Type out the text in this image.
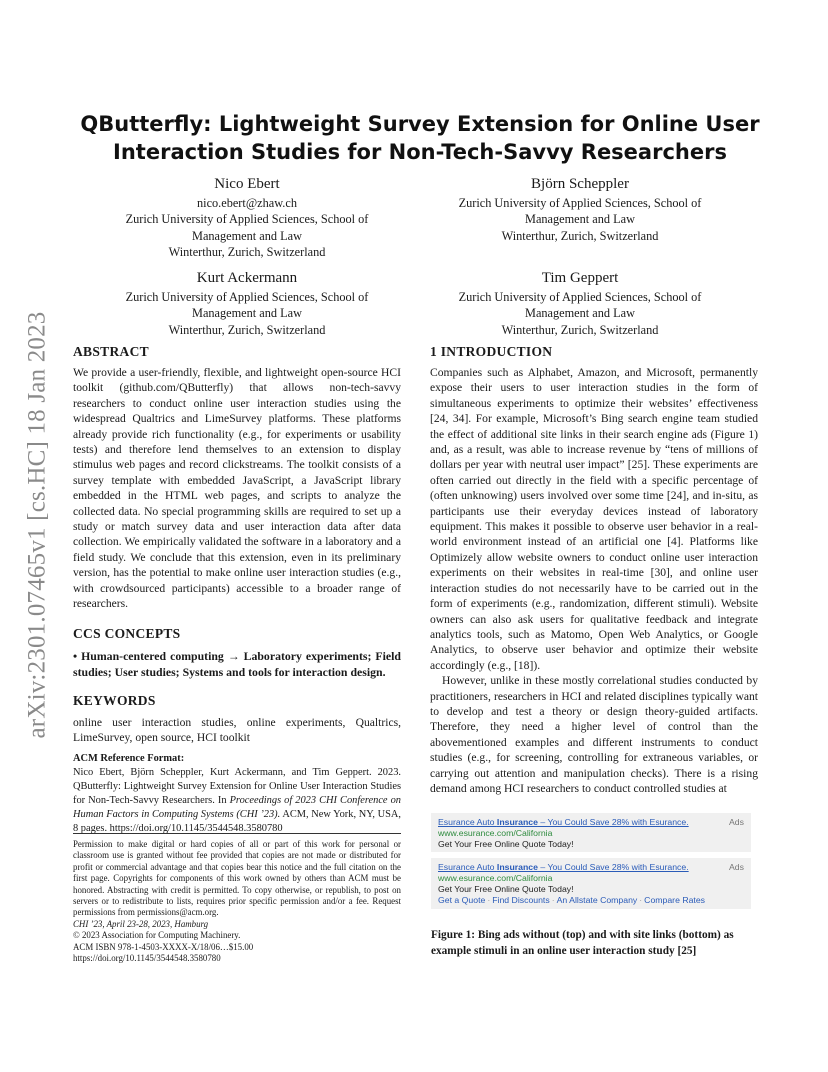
arXiv:2301.07465v1 [cs.HC] 18 Jan 2023
QButterfly: Lightweight Survey Extension for Online User Interaction Studies for Non-Tech-Savvy Researchers
Nico Ebert
nico.ebert@zhaw.ch
Zurich University of Applied Sciences, School of
Management and Law
Winterthur, Zurich, Switzerland
Björn Scheppler
Zurich University of Applied Sciences, School of
Management and Law
Winterthur, Zurich, Switzerland
Kurt Ackermann
Zurich University of Applied Sciences, School of
Management and Law
Winterthur, Zurich, Switzerland
Tim Geppert
Zurich University of Applied Sciences, School of
Management and Law
Winterthur, Zurich, Switzerland
ABSTRACT

We provide a user-friendly, flexible, and lightweight open-source HCI toolkit (github.com/QButterfly) that allows non-tech-savvy researchers to conduct online user interaction studies using the widespread Qualtrics and LimeSurvey platforms. These platforms already provide rich functionality (e.g., for experiments or usability tests) and therefore lend themselves to an extension to display stimulus web pages and record clickstreams. The toolkit consists of a survey template with embedded JavaScript, a JavaScript library embedded in the HTML web pages, and scripts to analyze the collected data. No special programming skills are required to set up a study or match survey data and user interaction data after data collection. We empirically validated the software in a laboratory and a field study. We conclude that this extension, even in its preliminary version, has the potential to make online user interaction studies (e.g., with crowdsourced participants) accessible to a broader range of researchers.

CCS CONCEPTS

• Human-centered computing → Laboratory experiments; Field studies; User studies; Systems and tools for interaction design.

KEYWORDS

online user interaction studies, online experiments, Qualtrics, LimeSurvey, open source, HCI toolkit

ACM Reference Format:

Nico Ebert, Björn Scheppler, Kurt Ackermann, and Tim Geppert. 2023. QButterfly: Lightweight Survey Extension for Online User Interaction Studies for Non-Tech-Savvy Researchers. In Proceedings of 2023 CHI Conference on Human Factors in Computing Systems (CHI ’23). ACM, New York, NY, USA, 8 pages. https://doi.org/10.1145/3544548.3580780

Permission to make digital or hard copies of all or part of this work for personal or classroom use is granted without fee provided that copies are not made or distributed for profit or commercial advantage and that copies bear this notice and the full citation on the first page. Copyrights for components of this work owned by others than ACM must be honored. Abstracting with credit is permitted. To copy otherwise, or republish, to post on servers or to redistribute to lists, requires prior specific permission and/or a fee. Request permissions from permissions@acm.org.
CHI ’23, April 23-28, 2023, Hamburg
© 2023 Association for Computing Machinery.
ACM ISBN 978-1-4503-XXXX-X/18/06…$15.00
https://doi.org/10.1145/3544548.3580780
1 INTRODUCTION

Companies such as Alphabet, Amazon, and Microsoft, permanently expose their users to user interaction studies in the form of simultaneous experiments to optimize their websites’ effectiveness [24, 34]. For example, Microsoft’s Bing search engine team studied the effect of additional site links in their search engine ads (Figure 1) and, as a result, was able to increase revenue by “tens of millions of dollars per year with neutral user impact” [25]. These experiments are often carried out directly in the field with a specific percentage of (often unknowing) users involved over some time [24], and in-situ, as participants use their everyday devices instead of laboratory equipment. This makes it possible to observe user behavior in a real-world environment instead of an artificial one [4]. Platforms like Optimizely allow website owners to conduct online user interaction experiments on their websites in real-time [30], and online user interaction studies do not necessarily have to be carried out in the form of experiments (e.g., randomization, different stimuli). Website owners can also ask users for qualitative feedback and integrate analytics tools, such as Matomo, Open Web Analytics, or Google Analytics, to observe user behavior and optimize their website accordingly (e.g., [18]).

However, unlike in these mostly correlational studies conducted by practitioners, researchers in HCI and related disciplines typically want to develop and test a theory or design theory-guided artifacts. Therefore, they need a higher level of control than the abovementioned examples and different instruments to conduct studies (e.g., for screening, controlling for extraneous variables, or carrying out attention and manipulation checks). There is a rising demand among HCI researchers to conduct controlled studies at

Ads
Esurance Auto Insurance – You Could Save 28% with Esurance.
www.esurance.com/California
Get Your Free Online Quote Today!
Ads
Esurance Auto Insurance – You Could Save 28% with Esurance.
www.esurance.com/California
Get Your Free Online Quote Today!
Get a Quote · Find Discounts · An Allstate Company · Compare Rates
Figure 1: Bing ads without (top) and with site links (bottom) as example stimuli in an online user interaction study [25]
